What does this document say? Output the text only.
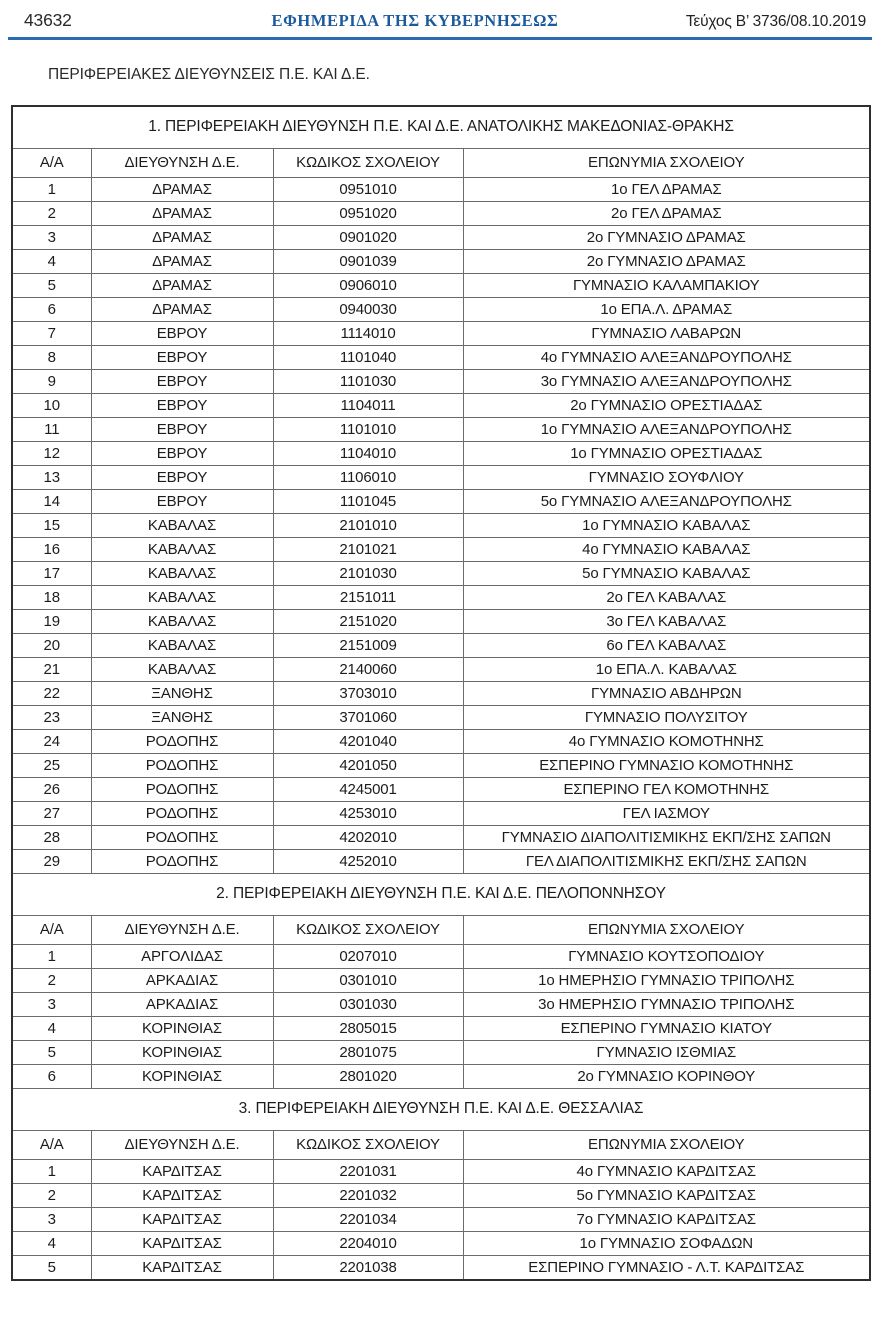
43632	ΕΦΗΜΕΡΙΔΑ ΤΗΣ ΚΥΒΕΡΝΗΣΕΩΣ	Τεύχος Β’ 3736/08.10.2019
ΠΕΡΙΦΕΡΕΙΑΚΕΣ ΔΙΕΥΘΥΝΣΕΙΣ Π.Ε. ΚΑΙ Δ.Ε.
1. ΠΕΡΙΦΕΡΕΙΑΚΗ ΔΙΕΥΘΥΝΣΗ Π.Ε. ΚΑΙ Δ.Ε. ΑΝΑΤΟΛΙΚΗΣ ΜΑΚΕΔΟΝΙΑΣ-ΘΡΑΚΗΣ			
Α/Α	ΔΙΕΥΘΥΝΣΗ Δ.Ε.	ΚΩΔΙΚΟΣ ΣΧΟΛΕΙΟΥ	ΕΠΩΝΥΜΙΑ ΣΧΟΛΕΙΟΥ
1	ΔΡΑΜΑΣ	0951010	1ο ΓΕΛ ΔΡΑΜΑΣ
2	ΔΡΑΜΑΣ	0951020	2ο ΓΕΛ ΔΡΑΜΑΣ
3	ΔΡΑΜΑΣ	0901020	2ο ΓΥΜΝΑΣΙΟ ΔΡΑΜΑΣ
4	ΔΡΑΜΑΣ	0901039	2ο ΓΥΜΝΑΣΙΟ ΔΡΑΜΑΣ
5	ΔΡΑΜΑΣ	0906010	ΓΥΜΝΑΣΙΟ ΚΑΛΑΜΠΑΚΙΟΥ
6	ΔΡΑΜΑΣ	0940030	1ο ΕΠΑ.Λ. ΔΡΑΜΑΣ
7	ΕΒΡΟΥ	1114010	ΓΥΜΝΑΣΙΟ ΛΑΒΑΡΩΝ
8	ΕΒΡΟΥ	1101040	4ο ΓΥΜΝΑΣΙΟ ΑΛΕΞΑΝΔΡΟΥΠΟΛΗΣ
9	ΕΒΡΟΥ	1101030	3ο ΓΥΜΝΑΣΙΟ ΑΛΕΞΑΝΔΡΟΥΠΟΛΗΣ
10	ΕΒΡΟΥ	1104011	2ο ΓΥΜΝΑΣΙΟ ΟΡΕΣΤΙΑΔΑΣ
11	ΕΒΡΟΥ	1101010	1ο ΓΥΜΝΑΣΙΟ ΑΛΕΞΑΝΔΡΟΥΠΟΛΗΣ
12	ΕΒΡΟΥ	1104010	1ο ΓΥΜΝΑΣΙΟ ΟΡΕΣΤΙΑΔΑΣ
13	ΕΒΡΟΥ	1106010	ΓΥΜΝΑΣΙΟ ΣΟΥΦΛΙΟΥ
14	ΕΒΡΟΥ	1101045	5ο ΓΥΜΝΑΣΙΟ ΑΛΕΞΑΝΔΡΟΥΠΟΛΗΣ
15	ΚΑΒΑΛΑΣ	2101010	1ο ΓΥΜΝΑΣΙΟ ΚΑΒΑΛΑΣ
16	ΚΑΒΑΛΑΣ	2101021	4ο ΓΥΜΝΑΣΙΟ ΚΑΒΑΛΑΣ
17	ΚΑΒΑΛΑΣ	2101030	5ο ΓΥΜΝΑΣΙΟ ΚΑΒΑΛΑΣ
18	ΚΑΒΑΛΑΣ	2151011	2ο ΓΕΛ ΚΑΒΑΛΑΣ
19	ΚΑΒΑΛΑΣ	2151020	3ο ΓΕΛ ΚΑΒΑΛΑΣ
20	ΚΑΒΑΛΑΣ	2151009	6ο ΓΕΛ ΚΑΒΑΛΑΣ
21	ΚΑΒΑΛΑΣ	2140060	1ο ΕΠΑ.Λ. ΚΑΒΑΛΑΣ
22	ΞΑΝΘΗΣ	3703010	ΓΥΜΝΑΣΙΟ ΑΒΔΗΡΩΝ
23	ΞΑΝΘΗΣ	3701060	ΓΥΜΝΑΣΙΟ ΠΟΛΥΣΙΤΟΥ
24	ΡΟΔΟΠΗΣ	4201040	4ο ΓΥΜΝΑΣΙΟ ΚΟΜΟΤΗΝΗΣ
25	ΡΟΔΟΠΗΣ	4201050	ΕΣΠΕΡΙΝΟ ΓΥΜΝΑΣΙΟ ΚΟΜΟΤΗΝΗΣ
26	ΡΟΔΟΠΗΣ	4245001	ΕΣΠΕΡΙΝΟ ΓΕΛ ΚΟΜΟΤΗΝΗΣ
27	ΡΟΔΟΠΗΣ	4253010	ΓΕΛ ΙΑΣΜΟΥ
28	ΡΟΔΟΠΗΣ	4202010	ΓΥΜΝΑΣΙΟ ΔΙΑΠΟΛΙΤΙΣΜΙΚΗΣ ΕΚΠ/ΣΗΣ ΣΑΠΩΝ
29	ΡΟΔΟΠΗΣ	4252010	ΓΕΛ ΔΙΑΠΟΛΙΤΙΣΜΙΚΗΣ ΕΚΠ/ΣΗΣ ΣΑΠΩΝ
2. ΠΕΡΙΦΕΡΕΙΑΚΗ ΔΙΕΥΘΥΝΣΗ Π.Ε. ΚΑΙ Δ.Ε. ΠΕΛΟΠΟΝΝΗΣΟΥ			
Α/Α	ΔΙΕΥΘΥΝΣΗ Δ.Ε.	ΚΩΔΙΚΟΣ ΣΧΟΛΕΙΟΥ	ΕΠΩΝΥΜΙΑ ΣΧΟΛΕΙΟΥ
1	ΑΡΓΟΛΙΔΑΣ	0207010	ΓΥΜΝΑΣΙΟ ΚΟΥΤΣΟΠΟΔΙΟΥ
2	ΑΡΚΑΔΙΑΣ	0301010	1ο ΗΜΕΡΗΣΙΟ ΓΥΜΝΑΣΙΟ ΤΡΙΠΟΛΗΣ
3	ΑΡΚΑΔΙΑΣ	0301030	3ο ΗΜΕΡΗΣΙΟ ΓΥΜΝΑΣΙΟ ΤΡΙΠΟΛΗΣ
4	ΚΟΡΙΝΘΙΑΣ	2805015	ΕΣΠΕΡΙΝΟ ΓΥΜΝΑΣΙΟ ΚΙΑΤΟΥ
5	ΚΟΡΙΝΘΙΑΣ	2801075	ΓΥΜΝΑΣΙΟ ΙΣΘΜΙΑΣ
6	ΚΟΡΙΝΘΙΑΣ	2801020	2ο ΓΥΜΝΑΣΙΟ ΚΟΡΙΝΘΟΥ
3. ΠΕΡΙΦΕΡΕΙΑΚΗ ΔΙΕΥΘΥΝΣΗ Π.Ε. ΚΑΙ Δ.Ε. ΘΕΣΣΑΛΙΑΣ			
Α/Α	ΔΙΕΥΘΥΝΣΗ Δ.Ε.	ΚΩΔΙΚΟΣ ΣΧΟΛΕΙΟΥ	ΕΠΩΝΥΜΙΑ ΣΧΟΛΕΙΟΥ
1	ΚΑΡΔΙΤΣΑΣ	2201031	4ο ΓΥΜΝΑΣΙΟ ΚΑΡΔΙΤΣΑΣ
2	ΚΑΡΔΙΤΣΑΣ	2201032	5ο ΓΥΜΝΑΣΙΟ ΚΑΡΔΙΤΣΑΣ
3	ΚΑΡΔΙΤΣΑΣ	2201034	7ο ΓΥΜΝΑΣΙΟ ΚΑΡΔΙΤΣΑΣ
4	ΚΑΡΔΙΤΣΑΣ	2204010	1ο ΓΥΜΝΑΣΙΟ ΣΟΦΑΔΩΝ
5	ΚΑΡΔΙΤΣΑΣ	2201038	ΕΣΠΕΡΙΝΟ ΓΥΜΝΑΣΙΟ - Λ.Τ. ΚΑΡΔΙΤΣΑΣ
